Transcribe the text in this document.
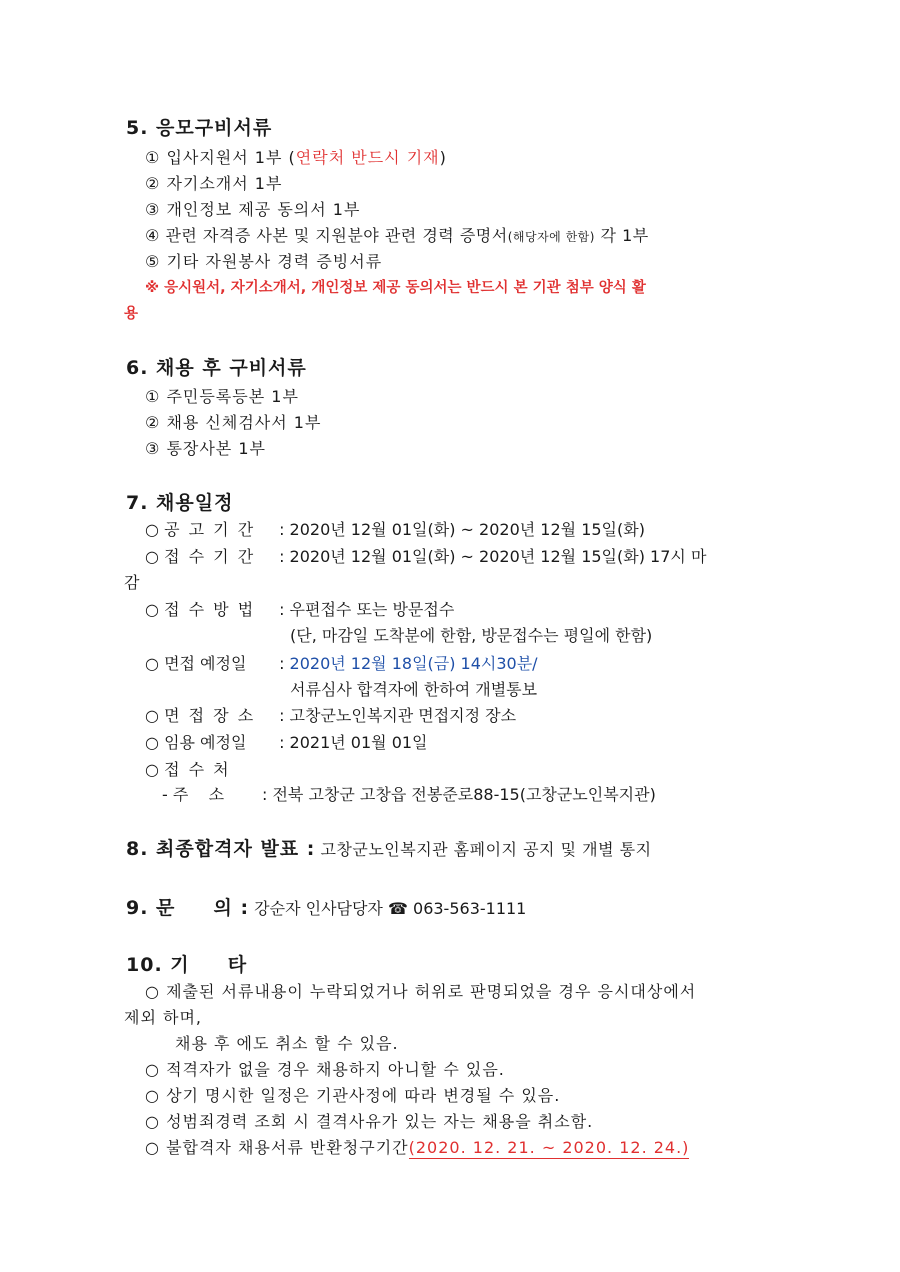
5. 응모구비서류
① 입사지원서 1부 (연락처 반드시 기재)
② 자기소개서 1부
③ 개인정보 제공 동의서 1부
④ 관련 자격증 사본 및 지원분야 관련 경력 증명서(해당자에 한함) 각 1부
⑤ 기타 자원봉사 경력 증빙서류
※ 응시원서, 자기소개서, 개인정보 제공 동의서는 반드시 본 기관 첨부 양식 활
용
6. 채용 후 구비서류
① 주민등록등본 1부
② 채용 신체검사서 1부
③ 통장사본 1부
7. 채용일정
○ 공 고 기 간 : 2020년 12월 01일(화) ~ 2020년 12월 15일(화)
○ 접 수 기 간 : 2020년 12월 01일(화) ~ 2020년 12월 15일(화) 17시 마
감
○ 접 수 방 법 : 우편접수 또는 방문접수
(단, 마감일 도착분에 한함, 방문접수는 평일에 한함)
○ 면접 예정일 : 2020년 12월 18일(금) 14시30분/
서류심사 합격자에 한하여 개별통보
○ 면 접 장 소 : 고창군노인복지관 면접지정 장소
○ 임용 예정일 : 2021년 01월 01일
○ 접 수 처
- 주    소 : 전북 고창군 고창읍 전봉준로88-15(고창군노인복지관)
8. 최종합격자 발표 : 고창군노인복지관 홈페이지 공지 및 개별 통지
9. 문     의 : 강순자 인사담당자 ☎ 063-563-1111
10. 기     타
○ 제출된 서류내용이 누락되었거나 허위로 판명되었을 경우 응시대상에서
제외 하며,
채용 후 에도 취소 할 수 있음.
○ 적격자가 없을 경우 채용하지 아니할 수 있음.
○ 상기 명시한 일정은 기관사정에 따라 변경될 수 있음.
○ 성범죄경력 조회 시 결격사유가 있는 자는 채용을 취소함.
○ 불합격자 채용서류 반환청구기간(2020. 12. 21. ~ 2020. 12. 24.)
